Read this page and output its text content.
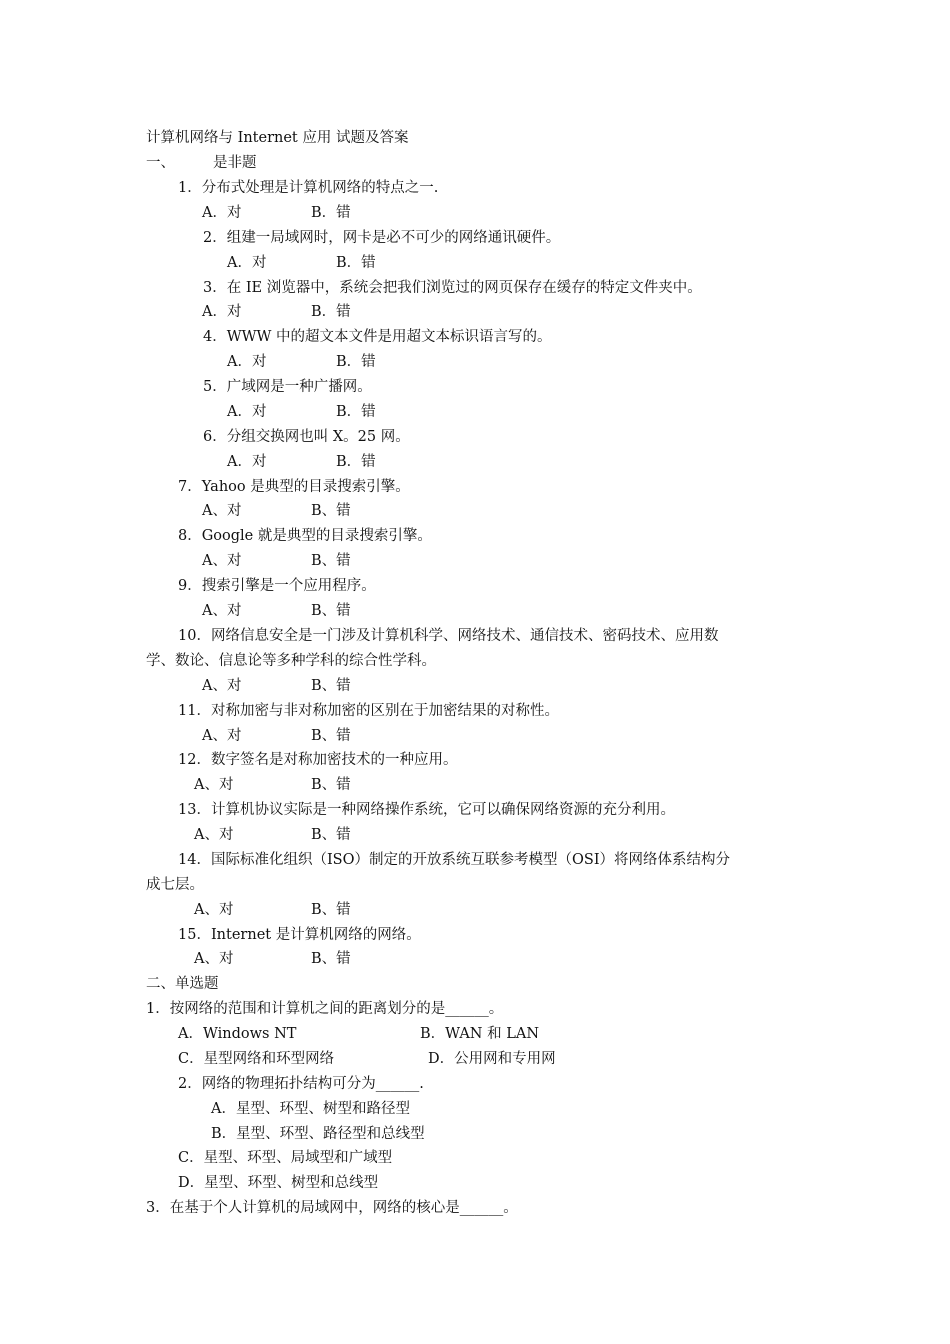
计算机网络与 Internet 应用 试题及答案
一、	是非题
1．分布式处理是计算机网络的特点之一.
A．对	B．错
2．组建一局域网时，网卡是必不可少的网络通讯硬件。
A．对	B．错
3．在 IE 浏览器中，系统会把我们浏览过的网页保存在缓存的特定文件夹中。
A．对	B．错
4．WWW 中的超文本文件是用超文本标识语言写的。
A．对	B．错
5．广域网是一种广播网。
A．对	B．错
6．分组交换网也叫 X。25 网。
A．对	B．错
7．Yahoo 是典型的目录搜索引擎。
A、对	B、错
8．Google 就是典型的目录搜索引擎。
A、对	B、错
9．搜索引擎是一个应用程序。
A、对	B、错
10．网络信息安全是一门涉及计算机科学、网络技术、通信技术、密码技术、应用数
学、数论、信息论等多种学科的综合性学科。
A、对	B、错
11．对称加密与非对称加密的区别在于加密结果的对称性。
A、对	B、错
12．数字签名是对称加密技术的一种应用。
A、对	B、错
13．计算机协议实际是一种网络操作系统，它可以确保网络资源的充分利用。
A、对	B、错
14．国际标准化组织（ISO）制定的开放系统互联参考模型（OSI）将网络体系结构分
成七层。
A、对	B、错
15．Internet 是计算机网络的网络。
A、对	B、错
二、单选题
1．按网络的范围和计算机之间的距离划分的是______。
A．Windows NT	B．WAN 和 LAN
C．星型网络和环型网络	D．公用网和专用网
2．网络的物理拓扑结构可分为______.
A．星型、环型、树型和路径型
B．星型、环型、路径型和总线型
C．星型、环型、局域型和广域型
D．星型、环型、树型和总线型
3．在基于个人计算机的局域网中，网络的核心是______。
